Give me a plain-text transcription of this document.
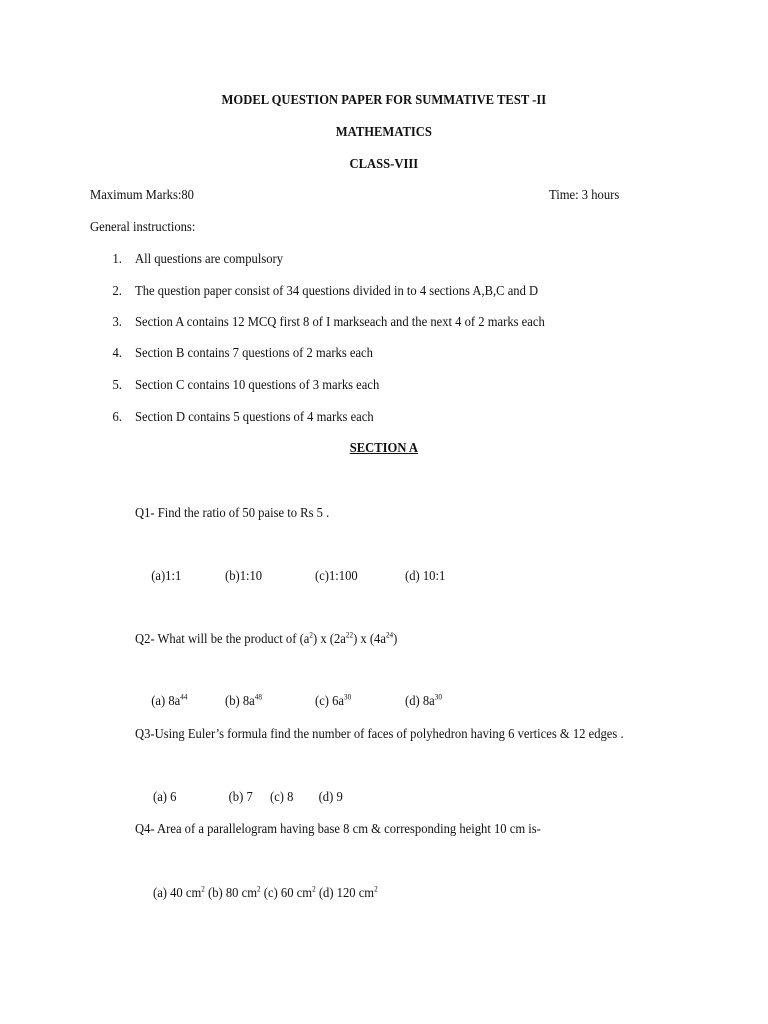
MODEL QUESTION PAPER FOR SUMMATIVE TEST -II
MATHEMATICS
CLASS-VIII
Maximum Marks:80	Time: 3 hours
General instructions:
1. All questions are compulsory
2. The question paper consist of 34 questions divided in to 4 sections A,B,C and D
3. Section A contains 12 MCQ first 8 of I markseach and the next 4 of 2 marks each
4. Section B contains 7 questions of 2 marks each
5. Section C contains 10 questions of 3 marks each
6. Section D contains 5 questions of 4 marks each
SECTION A
Q1- Find the ratio of 50 paise to Rs 5 .
(a)1:1	(b)1:10	(c)1:100	(d) 10:1
Q2- What will be the product of $(a^2)$ x $(2a^{22})$ x $(4a^{24})$
(a) $8a^{44}$	(b) $8a^{48}$	(c) $6a^{30}$	(d) $8a^{30}$
Q3-Using Euler’s formula find the number of faces of polyhedron having 6 vertices & 12 edges .
(a) 6	(b) 7 (c) 8 (d) 9
Q4- Area of a parallelogram having base 8 cm & corresponding height 10 cm is-
(a) 40 $cm^2$ (b) 80 $cm^2$ (c) 60 $cm^2$ (d) 120 $cm^2$
